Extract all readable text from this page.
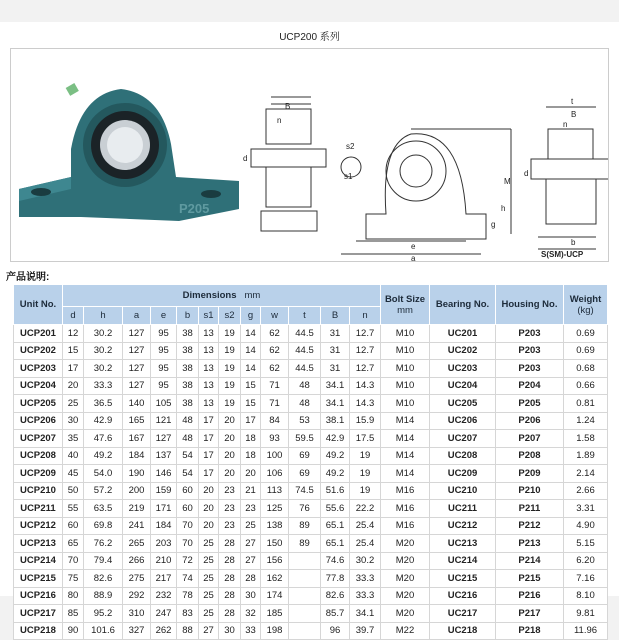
UCP200 系列
P205
B
n
d
s1
s2
M
h
g
e
a
t
B
n
d
b
S(SM)-UCP
产品说明:
Unit No.	Dimensions mm												Bolt Size
mm	Bearing No.	Housing No.	Weight
(kg)
	d	h	a	e	b	s1	s2	g	w	t	B	n				
UCP201	12	30.2	127	95	38	13	19	14	62	44.5	31	12.7	M10	UC201	P203	0.69
UCP202	15	30.2	127	95	38	13	19	14	62	44.5	31	12.7	M10	UC202	P203	0.69
UCP203	17	30.2	127	95	38	13	19	14	62	44.5	31	12.7	M10	UC203	P203	0.68
UCP204	20	33.3	127	95	38	13	19	15	71	48	34.1	14.3	M10	UC204	P204	0.66
UCP205	25	36.5	140	105	38	13	19	15	71	48	34.1	14.3	M10	UC205	P205	0.81
UCP206	30	42.9	165	121	48	17	20	17	84	53	38.1	15.9	M14	UC206	P206	1.24
UCP207	35	47.6	167	127	48	17	20	18	93	59.5	42.9	17.5	M14	UC207	P207	1.58
UCP208	40	49.2	184	137	54	17	20	18	100	69	49.2	19	M14	UC208	P208	1.89
UCP209	45	54.0	190	146	54	17	20	20	106	69	49.2	19	M14	UC209	P209	2.14
UCP210	50	57.2	200	159	60	20	23	21	113	74.5	51.6	19	M16	UC210	P210	2.66
UCP211	55	63.5	219	171	60	20	23	23	125	76	55.6	22.2	M16	UC211	P211	3.31
UCP212	60	69.8	241	184	70	20	23	25	138	89	65.1	25.4	M16	UC212	P212	4.90
UCP213	65	76.2	265	203	70	25	28	27	150	89	65.1	25.4	M20	UC213	P213	5.15
UCP214	70	79.4	266	210	72	25	28	27	156		74.6	30.2	M20	UC214	P214	6.20
UCP215	75	82.6	275	217	74	25	28	28	162		77.8	33.3	M20	UC215	P215	7.16
UCP216	80	88.9	292	232	78	25	28	30	174		82.6	33.3	M20	UC216	P216	8.10
UCP217	85	95.2	310	247	83	25	28	32	185		85.7	34.1	M20	UC217	P217	9.81
UCP218	90	101.6	327	262	88	27	30	33	198		96	39.7	M22	UC218	P218	11.96
